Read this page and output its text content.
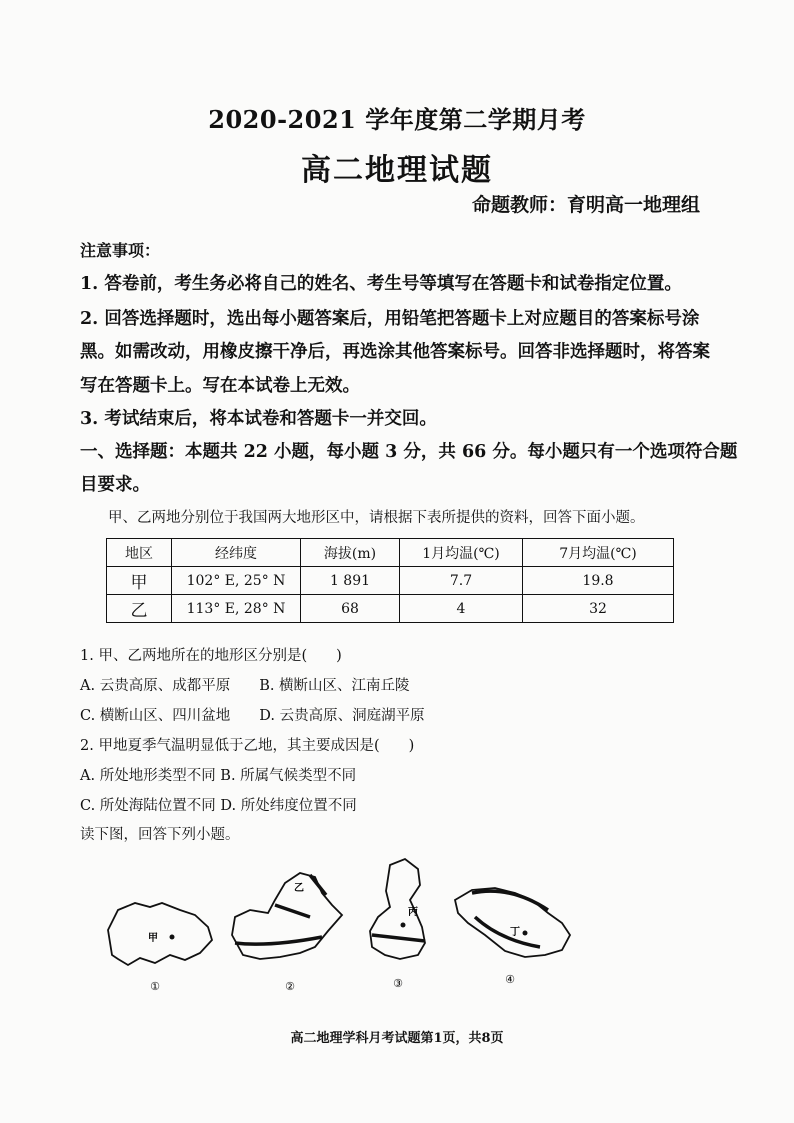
2020-2021 学年度第二学期月考
高二地理试题
命题教师：育明高一地理组
注意事项：
1. 答卷前，考生务必将自己的姓名、考生号等填写在答题卡和试卷指定位置。
2. 回答选择题时，选出每小题答案后，用铅笔把答题卡上对应题目的答案标号涂
黑。如需改动，用橡皮擦干净后，再选涂其他答案标号。回答非选择题时，将答案
写在答题卡上。写在本试卷上无效。
3. 考试结束后，将本试卷和答题卡一并交回。
一、选择题：本题共 22 小题，每小题 3 分，共 66 分。每小题只有一个选项符合题
目要求。
甲、乙两地分别位于我国两大地形区中，请根据下表所提供的资料，回答下面小题。
地区	经纬度	海拔(m)	1月均温(℃)	7月均温(℃)
甲	102° E, 25° N	1 891	7.7	19.8
乙	113° E, 28° N	68	4	32
1. 甲、乙两地所在的地形区分别是(　　)
A. 云贵高原、成都平原　　B. 横断山区、江南丘陵
C. 横断山区、四川盆地　　D. 云贵高原、洞庭湖平原
2. 甲地夏季气温明显低于乙地，其主要成因是(　　)
A. 所处地形类型不同 B. 所属气候类型不同
C. 所处海陆位置不同 D. 所处纬度位置不同
读下图，回答下列小题。
甲
①
乙
②
丙
③
丁
④
高二地理学科月考试题第1页，共8页
